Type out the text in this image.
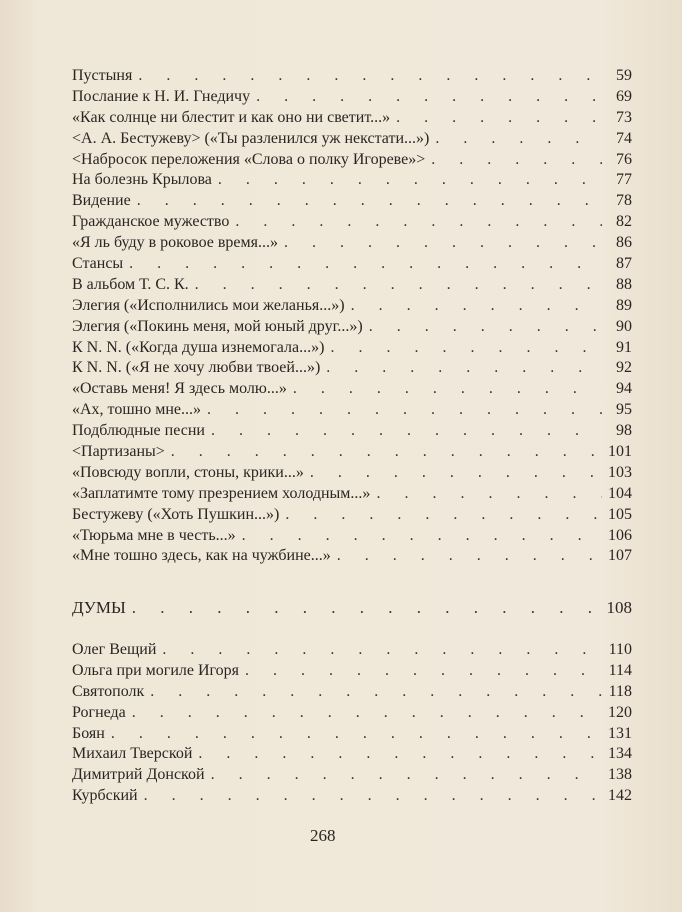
Пустыня . . .	59
Послание к Н. И. Гнедичу . . .	69
«Как солнце ни блестит и как оно ни светит...» . . .	73
<А. А. Бестужеву> («Ты разленился уж некстати...») . . .	74
<Набросок переложения «Слова о полку Игореве»> . . .	76
На болезнь Крылова . . .	77
Видение . . .	78
Гражданское мужество . . .	82
«Я ль буду в роковое время...» . . .	86
Стансы . . .	87
В альбом Т. С. К. . . .	88
Элегия («Исполнились мои желанья...») . . .	89
Элегия («Покинь меня, мой юный друг...») . . .	90
К N. N. («Когда душа изнемогала...») . . .	91
К N. N. («Я не хочу любви твоей...») . . .	92
«Оставь меня! Я здесь молю...» . . .	94
«Ах, тошно мне...» . . .	95
Подблюдные песни . . .	98
<Партизаны> . . .	101
«Повсюду вопли, стоны, крики...» . . .	103
«Заплатимте тому презрением холодным...» . . .	104
Бестужеву («Хоть Пушкин...») . . .	105
«Тюрьма мне в честь...» . . .	106
«Мне тошно здесь, как на чужбине...» . . .	107
ДУМЫ . . .	108
Олег Вещий . . .	110
Ольга при могиле Игоря . . .	114
Святополк . . .	118
Рогнеда . . .	120
Боян . . .	131
Михаил Тверской . . .	134
Димитрий Донской . . .	138
Курбский . . .	142
268
